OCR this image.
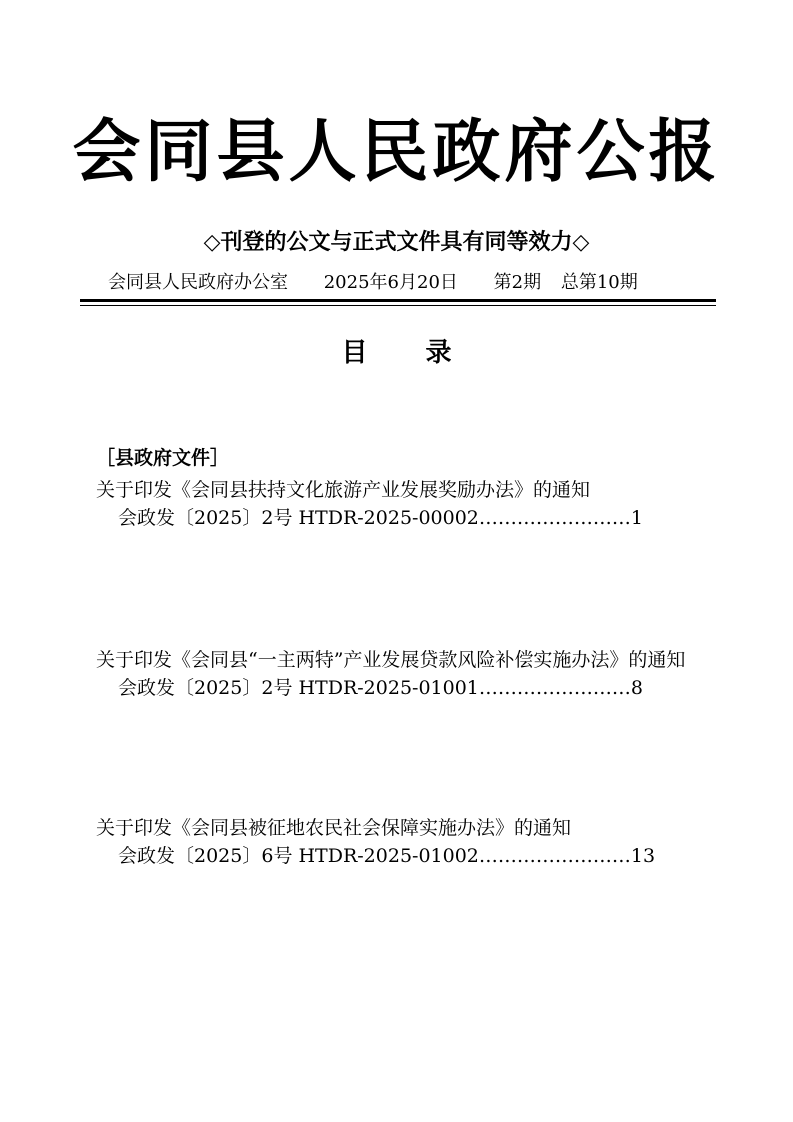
会同县人民政府公报
◇刊登的公文与正式文件具有同等效力◇
会同县人民政府办公室 2025年6月20日 第2期 总第10期
目 录
［县政府文件］
关于印发《会同县扶持文化旅游产业发展奖励办法》的通知
会政发〔2025〕2号 HTDR-2025-00002……………………1
关于印发《会同县“一主两特”产业发展贷款风险补偿实施办法》的通知
会政发〔2025〕2号 HTDR-2025-01001……………………8
关于印发《会同县被征地农民社会保障实施办法》的通知
会政发〔2025〕6号 HTDR-2025-01002……………………13
